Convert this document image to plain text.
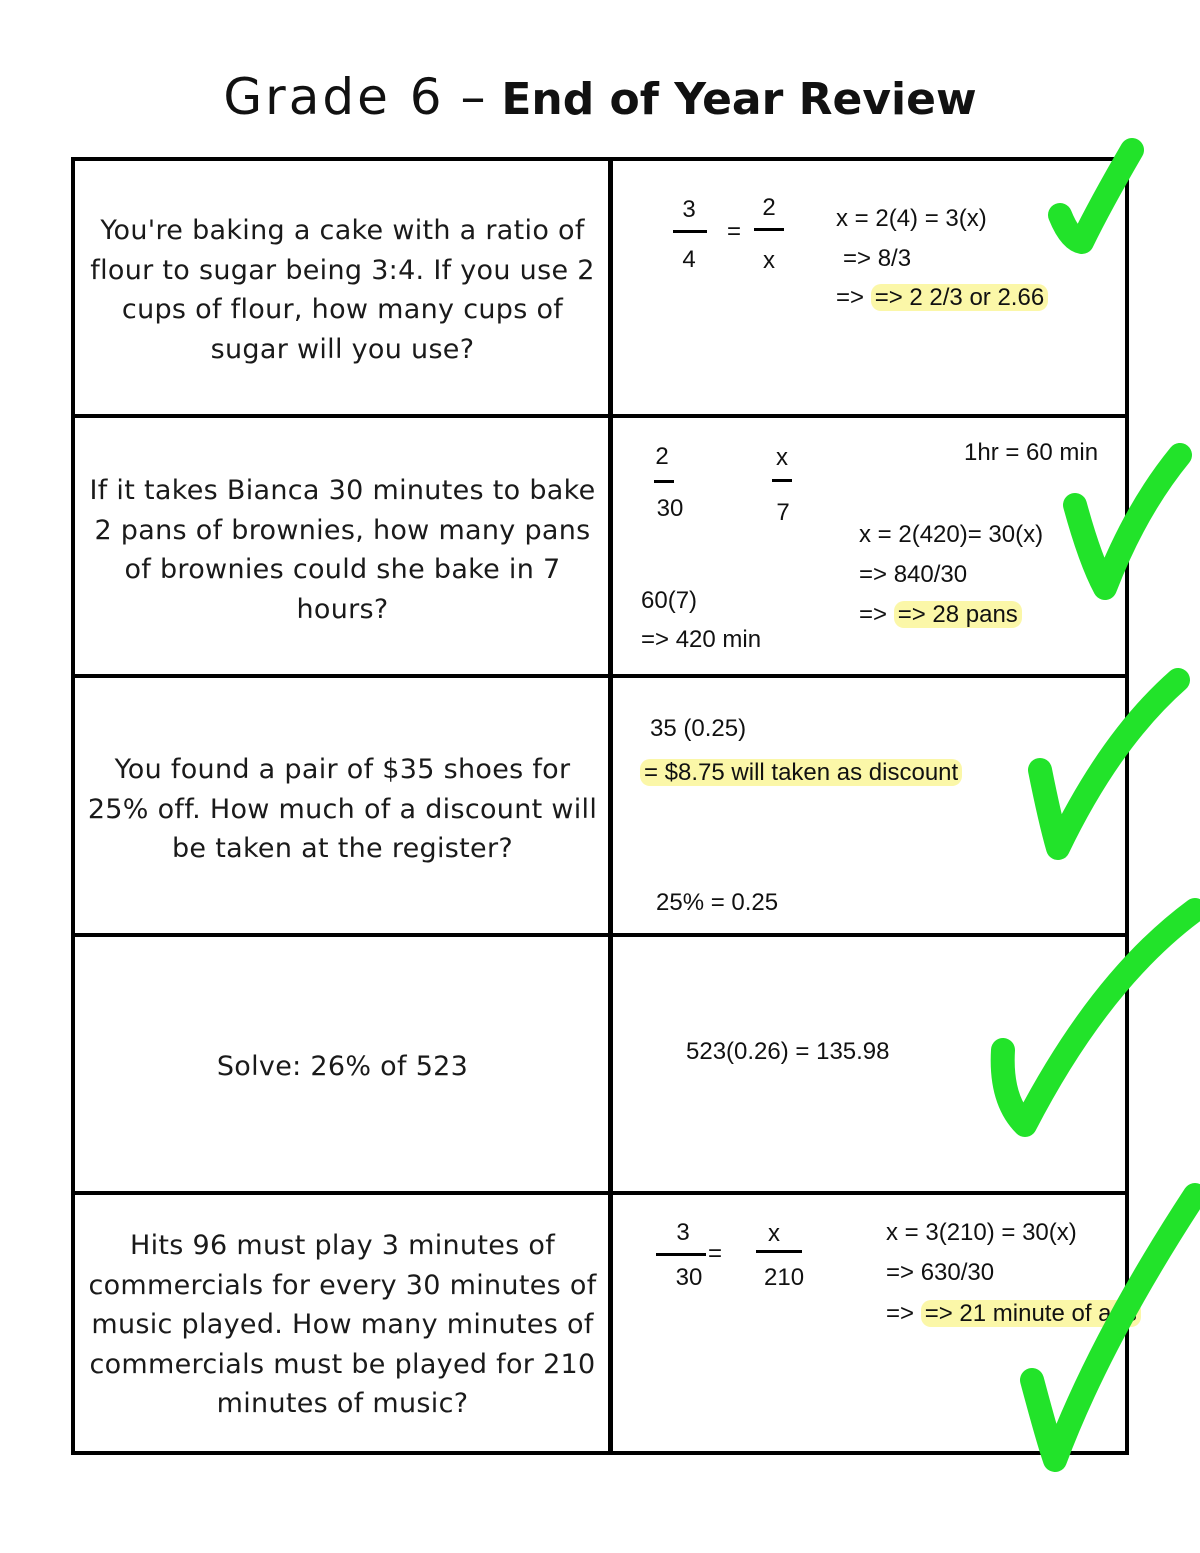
Grade 6 – End of Year Review
You're baking a cake with a ratio of flour to sugar being 3:4. If you use 2 cups of flour, how many cups of sugar will you use?
If it takes Bianca 30 minutes to bake 2 pans of brownies, how many pans of brownies could she bake in 7 hours?
You found a pair of $35 shoes for 25% off. How much of a discount will be taken at the register?
Solve: 26% of 523
Hits 96 must play 3 minutes of commercials for every 30 minutes of music played. How many minutes of commercials must be played for 210 minutes of music?
3
4
=
2
x
x = 2(4) = 3(x)
=> 8/3
=> => 2 2/3 or 2.66
2
30
x
7
1hr = 60 min
60(7)
=> 420 min
x = 2(420)= 30(x)
=> 840/30
=> => 28 pans
35 (0.25)
= $8.75 will taken as discount
25% = 0.25
523(0.26) = 135.98
3
30
=
x
210
x = 3(210) = 30(x)
=> 630/30
=> => 21 minute of ads
